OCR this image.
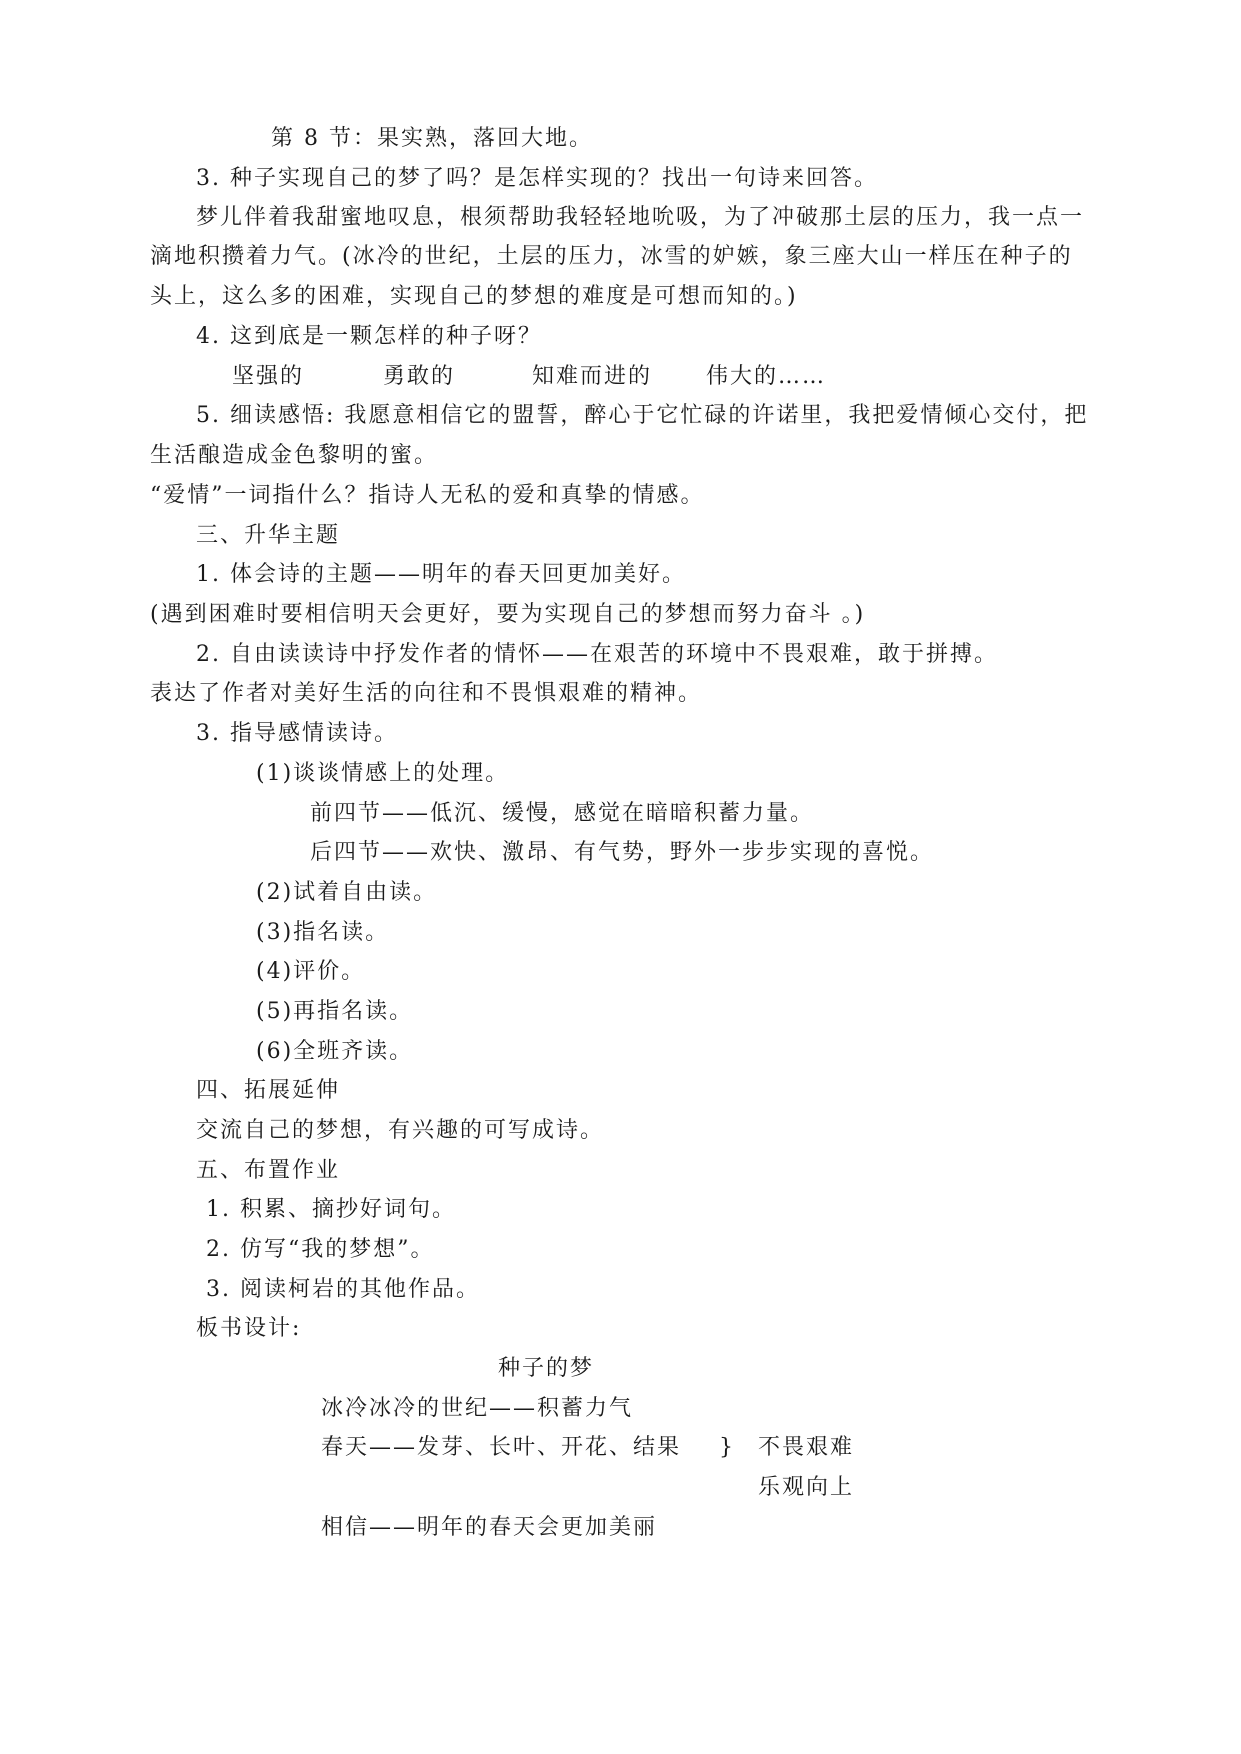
第 8 节：果实熟，落回大地。
3. 种子实现自己的梦了吗？是怎样实现的？找出一句诗来回答。
梦儿伴着我甜蜜地叹息，根须帮助我轻轻地吮吸，为了冲破那土层的压力，我一点一
滴地积攒着力气。(冰冷的世纪，土层的压力，冰雪的妒嫉，象三座大山一样压在种子的
头上，这么多的困难，实现自己的梦想的难度是可想而知的。)
4. 这到底是一颗怎样的种子呀？
坚强的	勇敢的	知难而进的 伟大的……
5. 细读感悟: 我愿意相信它的盟誓，醉心于它忙碌的许诺里，我把爱情倾心交付，把
生活酿造成金色黎明的蜜。
“爱情”一词指什么？指诗人无私的爱和真挚的情感。
三、升华主题
1. 体会诗的主题——明年的春天回更加美好。
(遇到困难时要相信明天会更好，要为实现自己的梦想而努力奋斗 。)
2. 自由读读诗中抒发作者的情怀——在艰苦的环境中不畏艰难，敢于拼搏。
表达了作者对美好生活的向往和不畏惧艰难的精神。
3. 指导感情读诗。
(1)谈谈情感上的处理。
前四节——低沉、缓慢，感觉在暗暗积蓄力量。
后四节——欢快、激昂、有气势，野外一步步实现的喜悦。
(2)试着自由读。
(3)指名读。
(4)评价。
(5)再指名读。
(6)全班齐读。
四、拓展延伸
交流自己的梦想，有兴趣的可写成诗。
五、布置作业
1. 积累、摘抄好词句。
2. 仿写“我的梦想”。
3. 阅读柯岩的其他作品。
板书设计:
种子的梦
冰冷冰冷的世纪——积蓄力气
春天——发芽、长叶、开花、结果 } 不畏艰难
乐观向上
相信——明年的春天会更加美丽
